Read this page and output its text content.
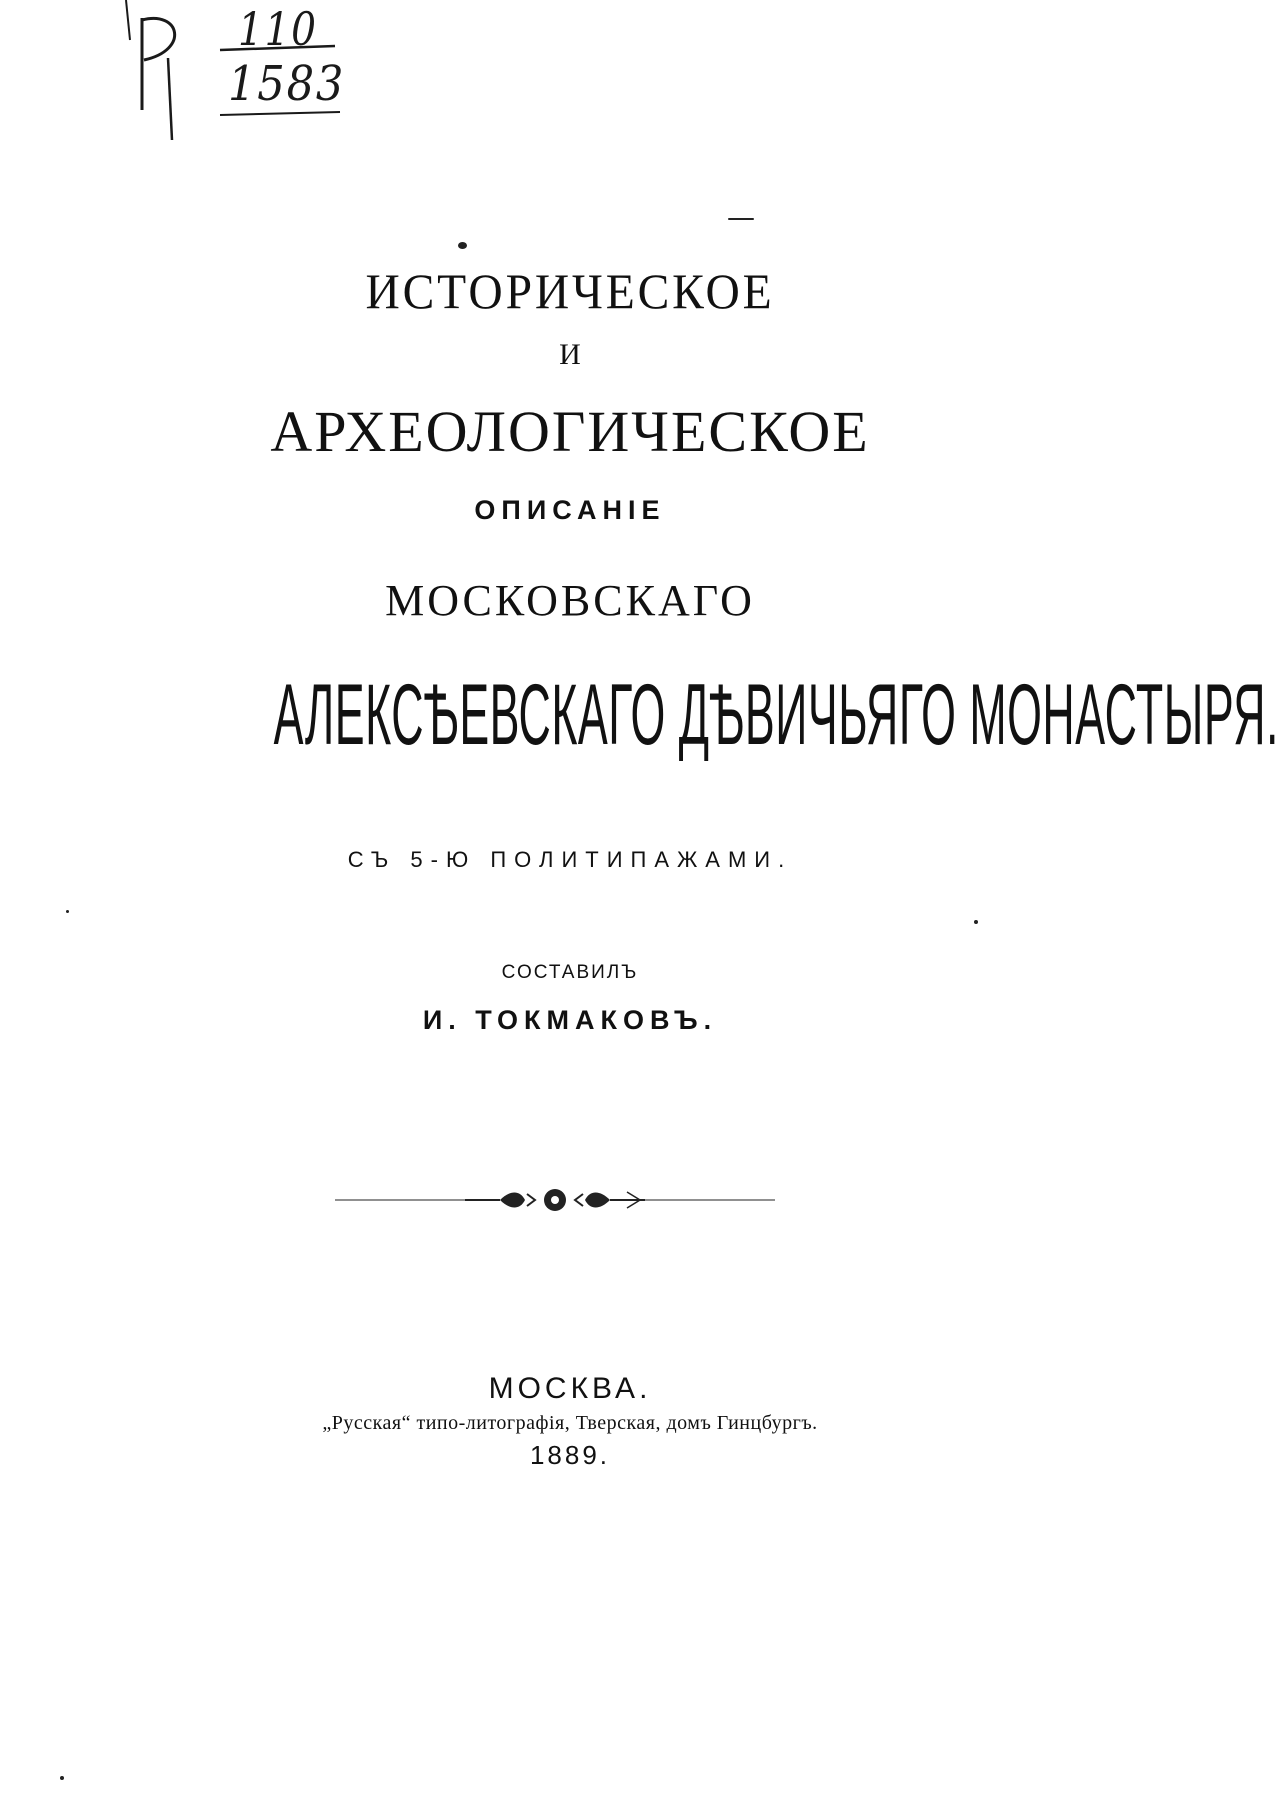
110
1583
ИСТОРИЧЕСКОЕ
И
АРХЕОЛОГИЧЕСКОЕ
ОПИСАНІЕ
МОСКОВСКАГО
АЛЕКСѢЕВСКАГО ДѢВИЧЬЯГО МОНАСТЫРЯ.
СЪ 5-Ю ПОЛИТИПАЖАМИ.
СОСТАВИЛЪ
И. ТОКМАКОВЪ.
МОСКВА.
„Русская“ типо-литографія, Тверская, домъ Гинцбургъ.
1889.
